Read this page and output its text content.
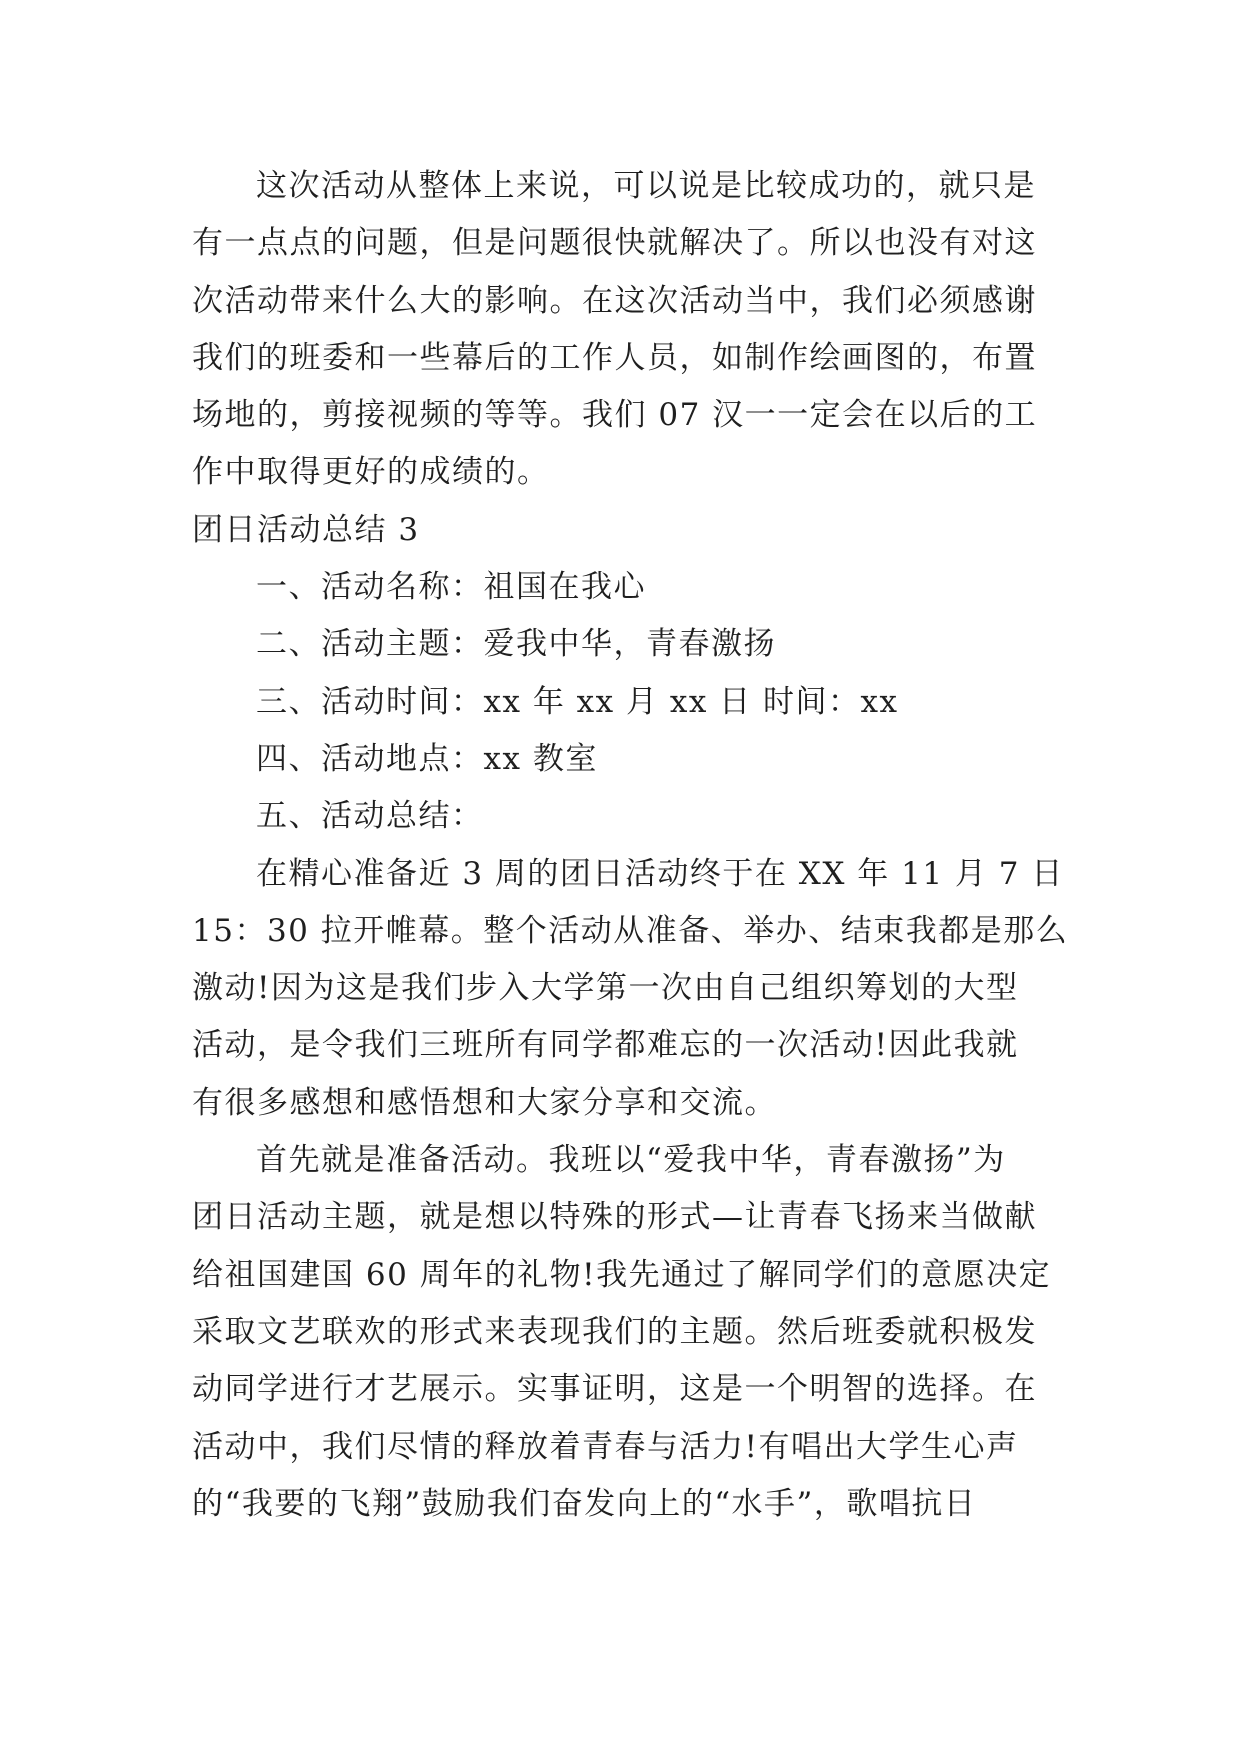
这次活动从整体上来说，可以说是比较成功的，就只是
有一点点的问题，但是问题很快就解决了。所以也没有对这
次活动带来什么大的影响。在这次活动当中，我们必须感谢
我们的班委和一些幕后的工作人员，如制作绘画图的，布置
场地的，剪接视频的等等。我们 07 汉一一定会在以后的工
作中取得更好的成绩的。
团日活动总结 3
一、活动名称：祖国在我心
二、活动主题：爱我中华，青春激扬
三、活动时间：xx 年 xx 月 xx 日 时间：xx
四、活动地点：xx 教室
五、活动总结：
在精心准备近 3 周的团日活动终于在 XX 年 11 月 7 日
15：30 拉开帷幕。整个活动从准备、举办、结束我都是那么
激动!因为这是我们步入大学第一次由自己组织筹划的大型
活动，是令我们三班所有同学都难忘的一次活动!因此我就
有很多感想和感悟想和大家分享和交流。
首先就是准备活动。我班以“爱我中华，青春激扬”为
团日活动主题，就是想以特殊的形式—让青春飞扬来当做献
给祖国建国 60 周年的礼物!我先通过了解同学们的意愿决定
采取文艺联欢的形式来表现我们的主题。然后班委就积极发
动同学进行才艺展示。实事证明，这是一个明智的选择。在
活动中，我们尽情的释放着青春与活力!有唱出大学生心声
的“我要的飞翔”鼓励我们奋发向上的“水手”，歌唱抗日
